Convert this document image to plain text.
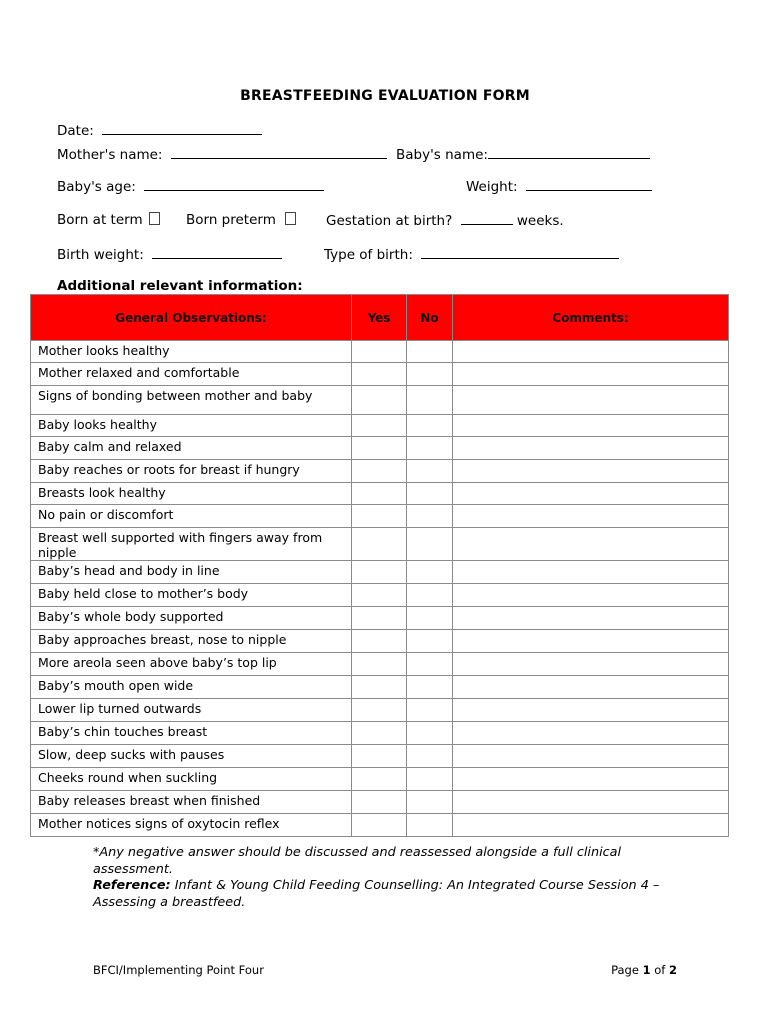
BREASTFEEDING EVALUATION FORM
Date:
Mother's name:	Baby's name:
Baby's age:	Weight:
Born at term	Born preterm	Gestation at birth?	weeks.
Birth weight:	Type of birth:
Additional relevant information:
General Observations:	Yes	No	Comments:
Mother looks healthy			
Mother relaxed and comfortable			
Signs of bonding between mother and baby			
Baby looks healthy			
Baby calm and relaxed			
Baby reaches or roots for breast if hungry			
Breasts look healthy			
No pain or discomfort			
Breast well supported with fingers away from nipple			
Baby’s head and body in line			
Baby held close to mother’s body			
Baby’s whole body supported			
Baby approaches breast, nose to nipple			
More areola seen above baby’s top lip			
Baby’s mouth open wide			
Lower lip turned outwards			
Baby’s chin touches breast			
Slow, deep sucks with pauses			
Cheeks round when suckling			
Baby releases breast when finished			
Mother notices signs of oxytocin reflex			
*Any negative answer should be discussed and reassessed alongside a full clinical assessment.
Reference: Infant & Young Child Feeding Counselling: An Integrated Course Session 4 – Assessing a breastfeed.
BFCI/Implementing Point Four	Page 1 of 2
